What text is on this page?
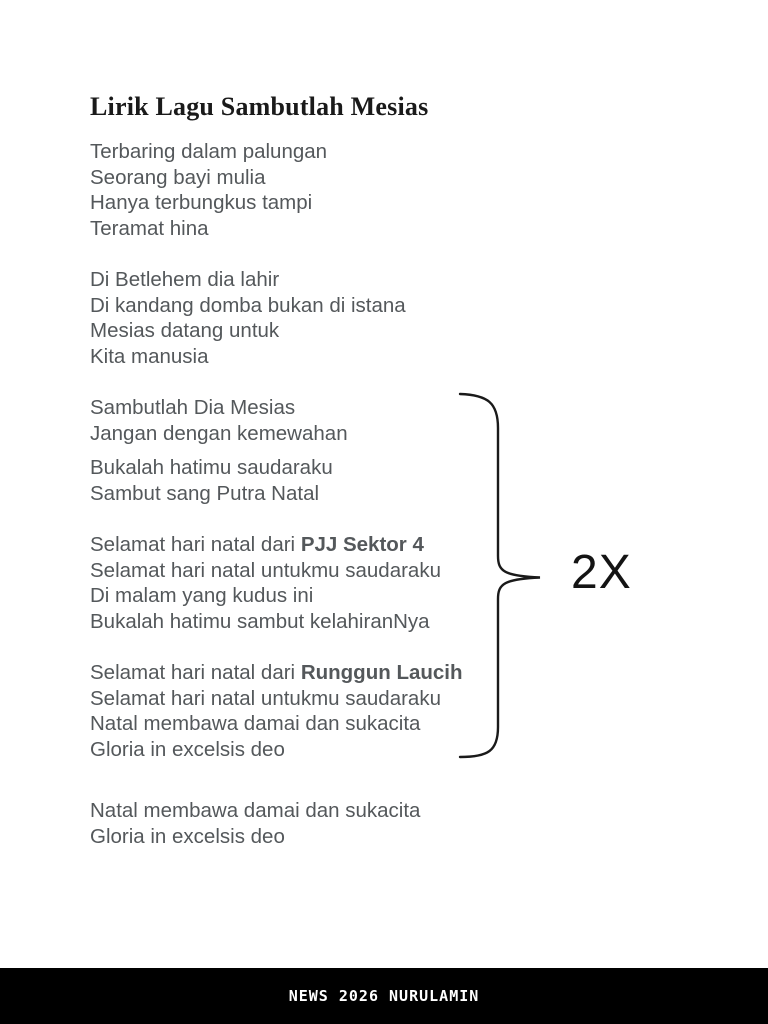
Lirik Lagu Sambutlah Mesias
Terbaring dalam palungan
Seorang bayi mulia
Hanya terbungkus tampi
Teramat hina
Di Betlehem dia lahir
Di kandang domba bukan di istana
Mesias datang untuk
Kita manusia
Sambutlah Dia Mesias
Jangan dengan kemewahan
Bukalah hatimu saudaraku
Sambut sang Putra Natal
Selamat hari natal dari PJJ Sektor 4
Selamat hari natal untukmu saudaraku
Di malam yang kudus ini
Bukalah hatimu sambut kelahiranNya
Selamat hari natal dari Runggun Laucih
Selamat hari natal untukmu saudaraku
Natal membawa damai dan sukacita
Gloria in excelsis deo
Natal membawa damai dan sukacita
Gloria in excelsis deo
2X
NEWS 2026 NURULAMIN
